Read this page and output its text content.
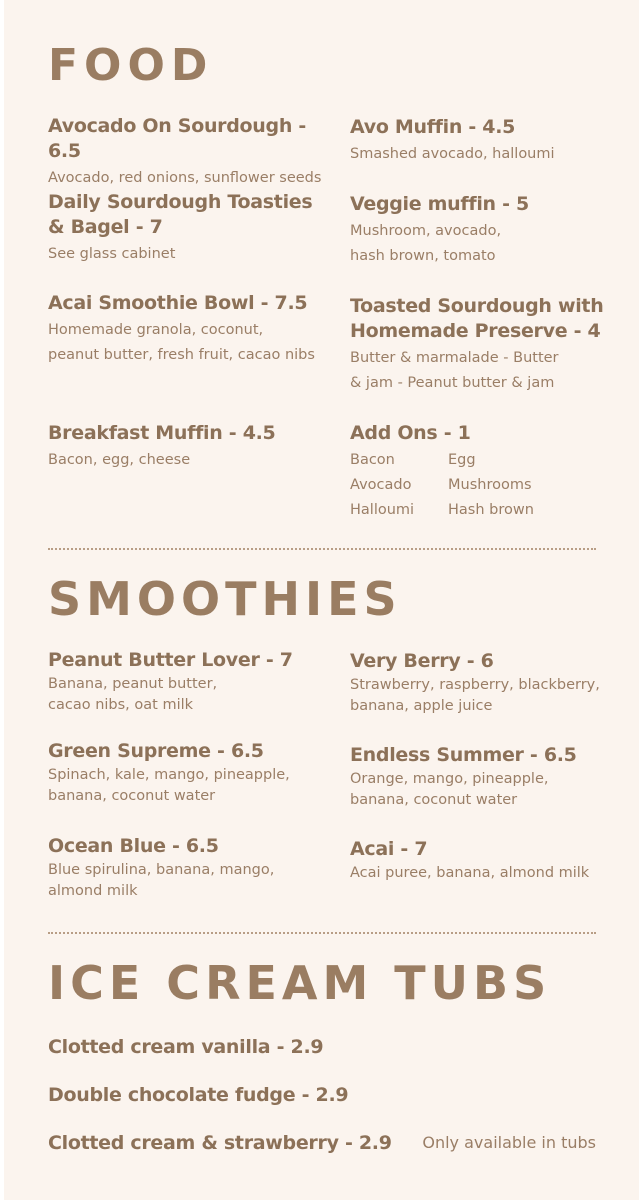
FOOD
Avocado On Sourdough - 6.5
Avocado, red onions, sunflower seeds
Avo Muffin - 4.5
Smashed avocado, halloumi
Daily Sourdough Toasties
& Bagel - 7
See glass cabinet
Veggie muffin - 5
Mushroom, avocado,
hash brown, tomato
Acai Smoothie Bowl - 7.5
Homemade granola, coconut,
peanut butter, fresh fruit, cacao nibs
Toasted Sourdough with
Homemade Preserve - 4
Butter & marmalade - Butter
& jam - Peanut butter & jam
Breakfast Muffin - 4.5
Bacon, egg, cheese
Add Ons - 1
Bacon	Egg
Avocado	Mushrooms
Halloumi	Hash brown
SMOOTHIES
Peanut Butter Lover - 7
Banana, peanut butter,
cacao nibs, oat milk
Very Berry - 6
Strawberry, raspberry, blackberry,
banana, apple juice
Green Supreme - 6.5
Spinach, kale, mango, pineapple,
banana, coconut water
Endless Summer - 6.5
Orange, mango, pineapple,
banana, coconut water
Ocean Blue - 6.5
Blue spirulina, banana, mango,
almond milk
Acai - 7
Acai puree, banana, almond milk
ICE CREAM TUBS
Clotted cream vanilla - 2.9
Double chocolate fudge - 2.9
Clotted cream & strawberry - 2.9	Only available in tubs
